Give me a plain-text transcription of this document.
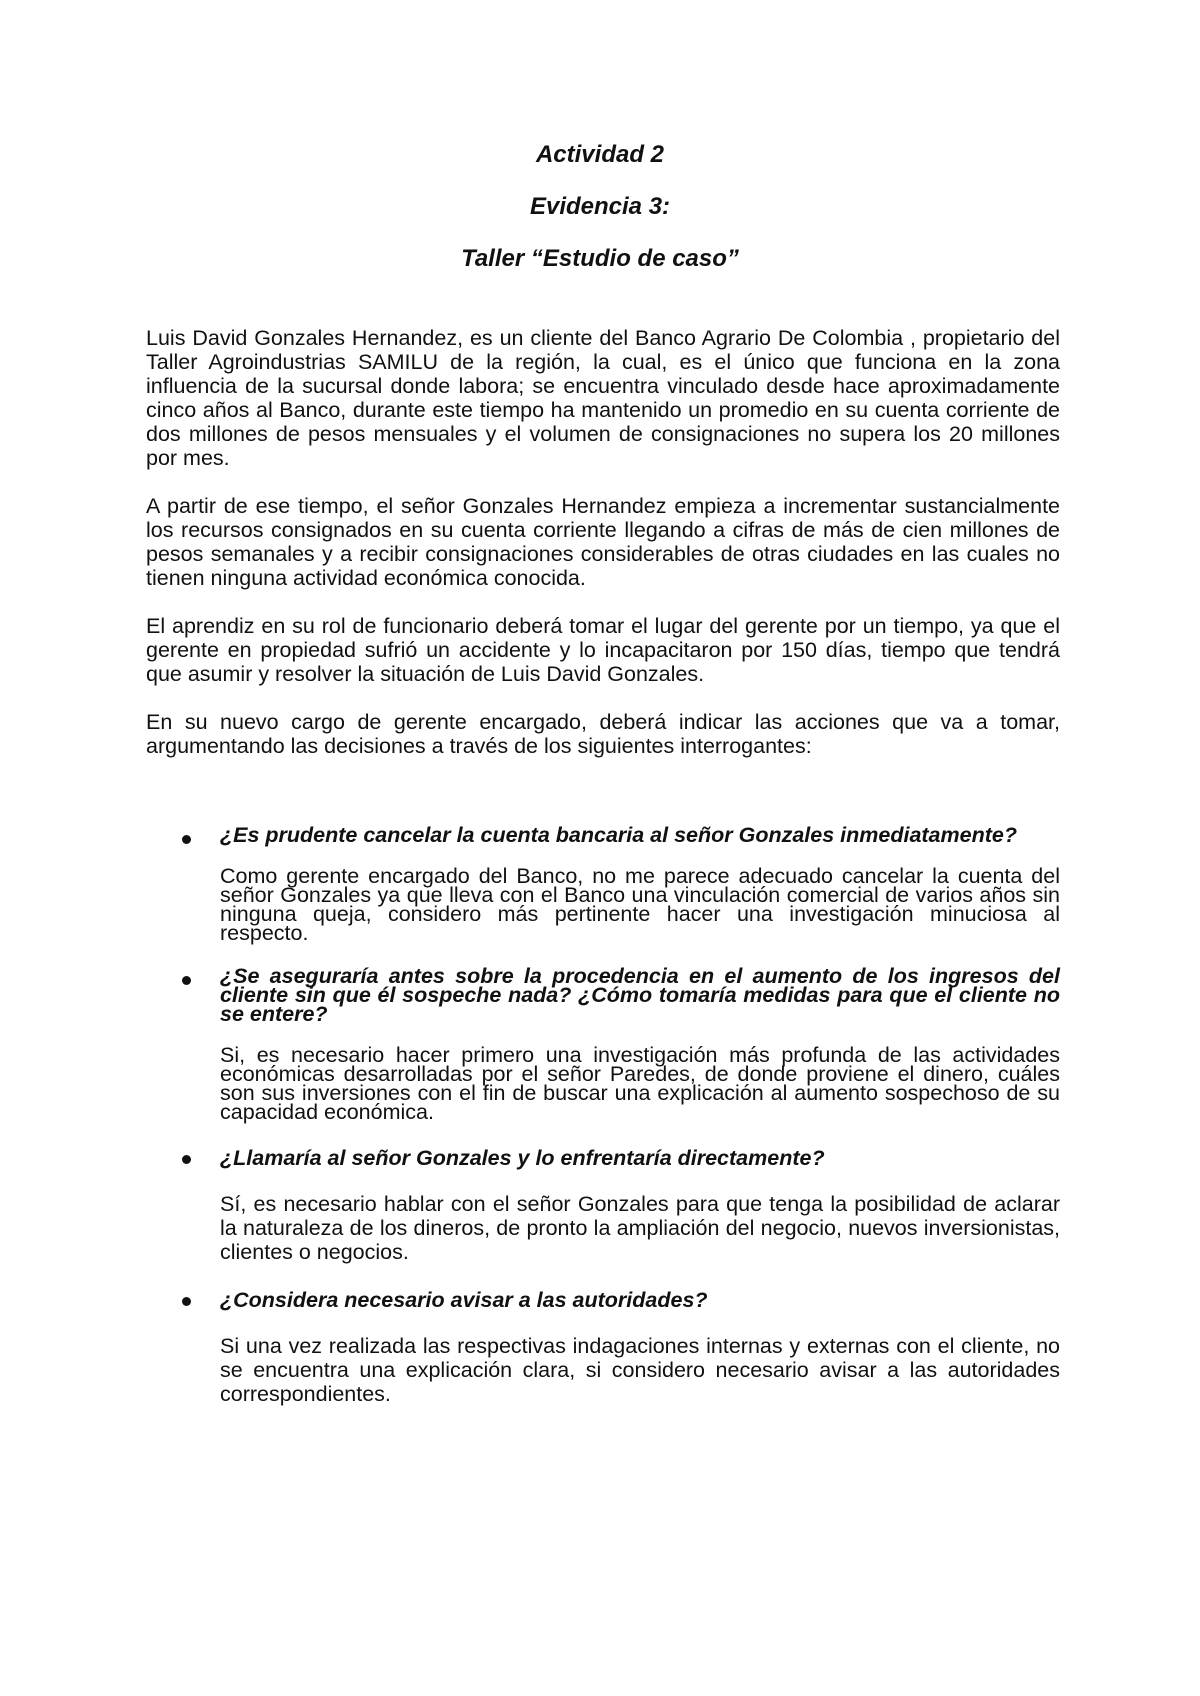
Actividad 2
Evidencia 3:
Taller “Estudio de caso”

Luis David Gonzales Hernandez, es un cliente del Banco Agrario De Colombia , propietario del Taller Agroindustrias SAMILU de la región, la cual, es el único que funciona en la zona influencia de la sucursal donde labora; se encuentra vinculado desde hace aproximadamente cinco años al Banco, durante este tiempo ha mantenido un promedio en su cuenta corriente de dos millones de pesos mensuales y el volumen de consignaciones no supera los 20 millones por mes.

A partir de ese tiempo, el señor Gonzales Hernandez empieza a incrementar sustancialmente los recursos consignados en su cuenta corriente llegando a cifras de más de cien millones de pesos semanales y a recibir consignaciones considerables de otras ciudades en las cuales no tienen ninguna actividad económica conocida.

El aprendiz en su rol de funcionario deberá tomar el lugar del gerente por un tiempo, ya que el gerente en propiedad sufrió un accidente y lo incapacitaron por 150 días, tiempo que tendrá que asumir y resolver la situación de Luis David Gonzales.

En su nuevo cargo de gerente encargado, deberá indicar las acciones que va a tomar, argumentando las decisiones a través de los siguientes interrogantes:

¿Es prudente cancelar la cuenta bancaria al señor Gonzales inmediatamente?

Como gerente encargado del Banco, no me parece adecuado cancelar la cuenta del señor Gonzales ya que lleva con el Banco una vinculación comercial de varios años sin ninguna queja, considero más pertinente hacer una investigación minuciosa al respecto.

¿Se aseguraría antes sobre la procedencia en el aumento de los ingresos del cliente sin que él sospeche nada? ¿Cómo tomaría medidas para que el cliente no se entere?

Si, es necesario hacer primero una investigación más profunda de las actividades económicas desarrolladas por el señor Paredes, de donde proviene el dinero, cuáles son sus inversiones con el fin de buscar una explicación al aumento sospechoso de su capacidad económica.

¿Llamaría al señor Gonzales y lo enfrentaría directamente?

Sí, es necesario hablar con el señor Gonzales para que tenga la posibilidad de aclarar la naturaleza de los dineros, de pronto la ampliación del negocio, nuevos inversionistas, clientes o negocios.

¿Considera necesario avisar a las autoridades?

Si una vez realizada las respectivas indagaciones internas y externas con el cliente, no se encuentra una explicación clara, si considero necesario avisar a las autoridades correspondientes.
